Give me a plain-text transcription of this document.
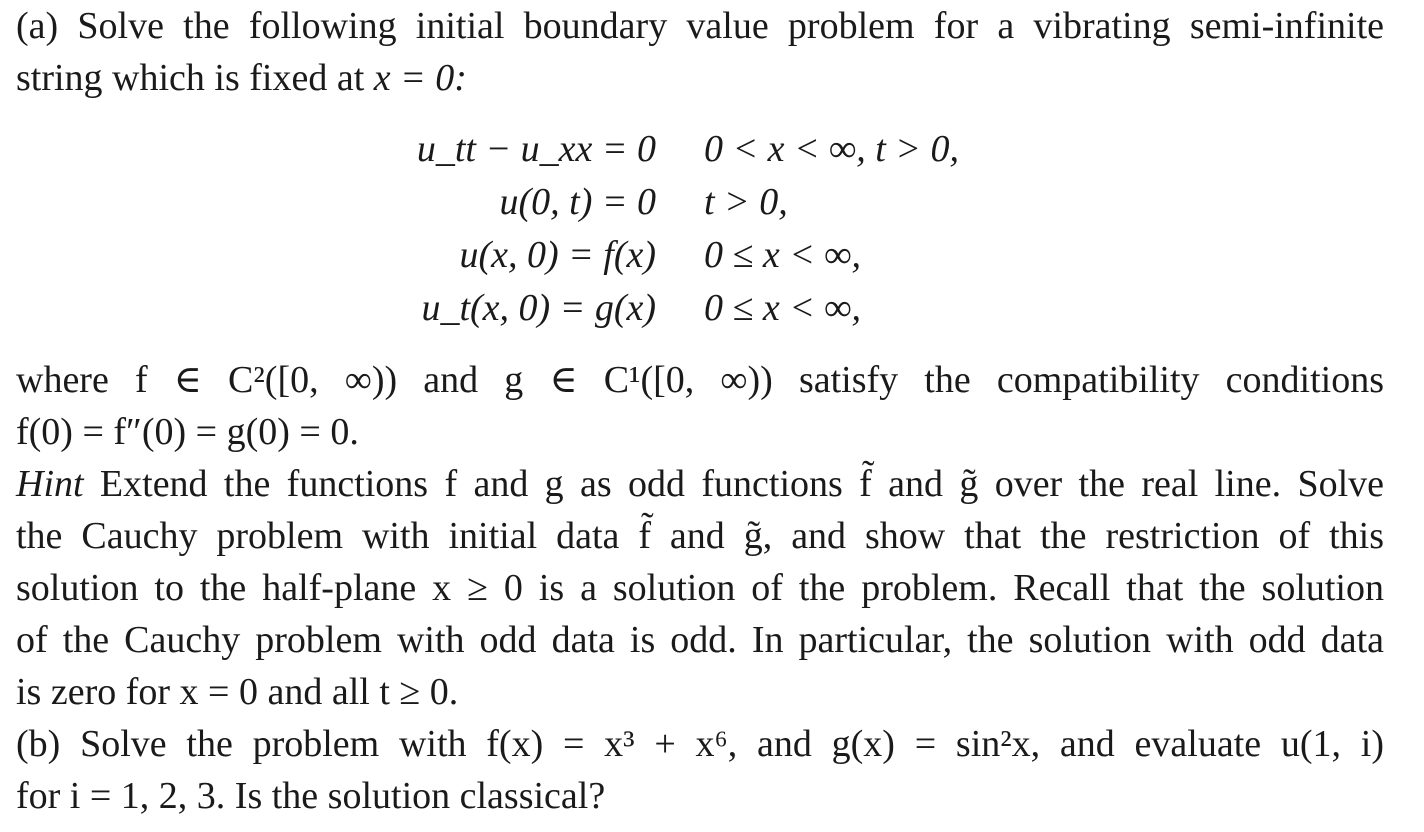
(a) Solve the following initial boundary value problem for a vibrating semi-infinite
string which is fixed at x = 0:
u_tt − u_xx = 0 0 < x < ∞, t > 0,
u(0, t) = 0 t > 0,
u(x, 0) = f(x) 0 ≤ x < ∞,
u_t(x, 0) = g(x) 0 ≤ x < ∞,
where f ∈ C²([0, ∞)) and g ∈ C¹([0, ∞)) satisfy the compatibility conditions
f(0) = f″(0) = g(0) = 0.
Hint Extend the functions f and g as odd functions f̃ and g̃ over the real line. Solve
the Cauchy problem with initial data f̃ and g̃, and show that the restriction of this
solution to the half-plane x ≥ 0 is a solution of the problem. Recall that the solution
of the Cauchy problem with odd data is odd. In particular, the solution with odd data
is zero for x = 0 and all t ≥ 0.
(b) Solve the problem with f(x) = x³ + x⁶, and g(x) = sin²x, and evaluate u(1, i)
for i = 1, 2, 3. Is the solution classical?
